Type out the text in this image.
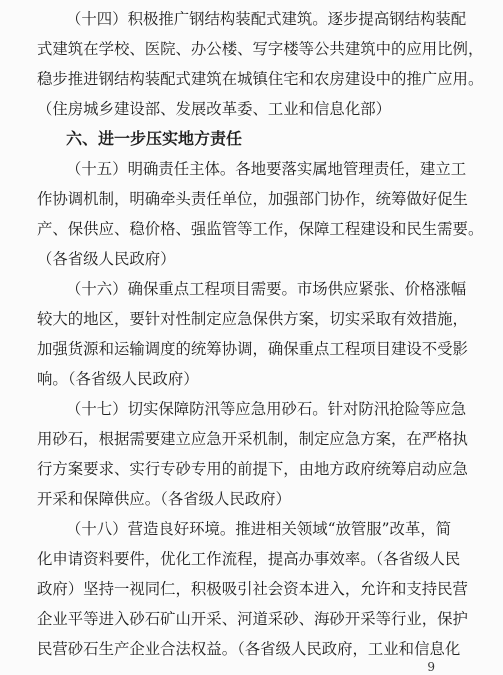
（十四）积极推广钢结构装配式建筑。逐步提高钢结构装配
式建筑在学校、医院、办公楼、写字楼等公共建筑中的应用比例，
稳步推进钢结构装配式建筑在城镇住宅和农房建设中的推广应用。
（住房城乡建设部、发展改革委、工业和信息化部）
六、进一步压实地方责任
（十五）明确责任主体。各地要落实属地管理责任，建立工
作协调机制，明确牵头责任单位，加强部门协作，统筹做好促生
产、保供应、稳价格、强监管等工作，保障工程建设和民生需要。
（各省级人民政府）
（十六）确保重点工程项目需要。市场供应紧张、价格涨幅
较大的地区，要针对性制定应急保供方案，切实采取有效措施，
加强货源和运输调度的统筹协调，确保重点工程项目建设不受影
响。（各省级人民政府）
（十七）切实保障防汛等应急用砂石。针对防汛抢险等应急
用砂石，根据需要建立应急开采机制，制定应急方案，在严格执
行方案要求、实行专砂专用的前提下，由地方政府统筹启动应急
开采和保障供应。（各省级人民政府）
（十八）营造良好环境。推进相关领域“放管服”改革，简
化申请资料要件，优化工作流程，提高办事效率。（各省级人民
政府）坚持一视同仁，积极吸引社会资本进入，允许和支持民营
企业平等进入砂石矿山开采、河道采砂、海砂开采等行业，保护
民营砂石生产企业合法权益。（各省级人民政府，工业和信息化
9
